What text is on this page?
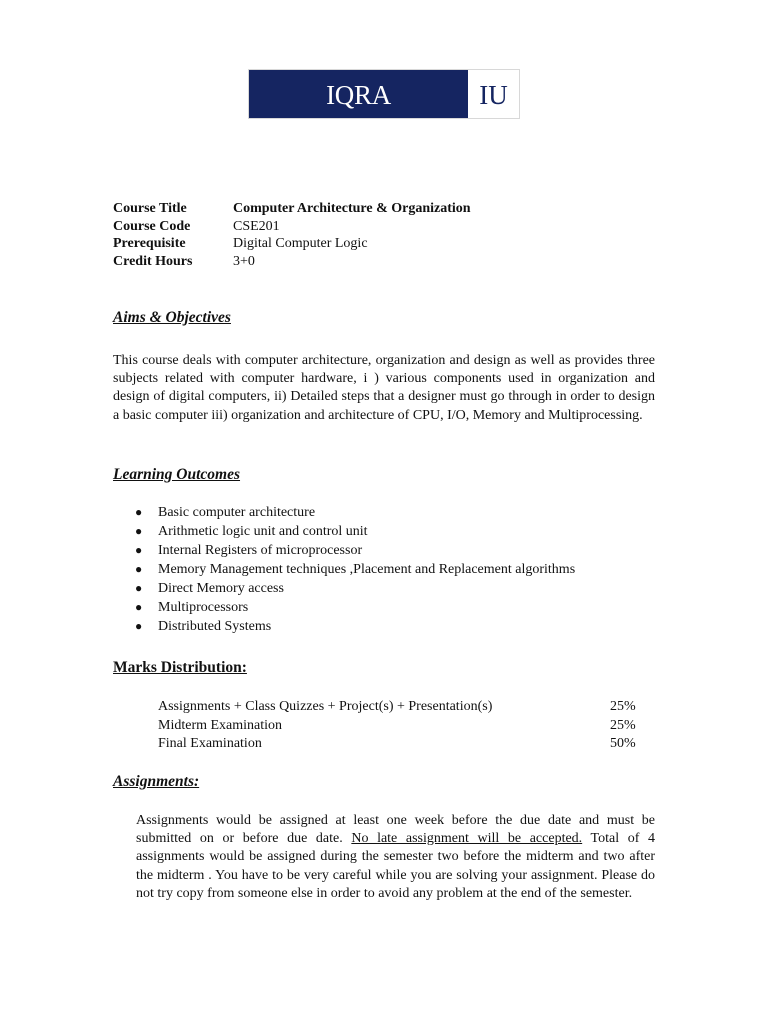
IQRA UNIVERSITY
IU
Course Title	Computer Architecture & Organization
Course Code	CSE201
Prerequisite	Digital Computer Logic
Credit Hours	3+0
Aims & Objectives
This course deals with computer architecture, organization and design as well as provides three subjects related with computer hardware, i ) various components used in organization and design of digital computers, ii) Detailed steps that a designer must go through in order to design a basic computer iii) organization and architecture of CPU, I/O, Memory and Multiprocessing.
Learning Outcomes
● Basic computer architecture
● Arithmetic logic unit and control unit
● Internal Registers of microprocessor
● Memory Management techniques ,Placement and Replacement algorithms
● Direct Memory access
● Multiprocessors
● Distributed Systems
Marks Distribution:
Assignments + Class Quizzes + Project(s) + Presentation(s)	25%
Midterm Examination	25%
Final Examination	50%
Assignments:
Assignments would be assigned at least one week before the due date and must be submitted on or before due date. No late assignment will be accepted. Total of 4 assignments would be assigned during the semester two before the midterm and two after the midterm . You have to be very careful while you are solving your assignment. Please do not try copy from someone else in order to avoid any problem at the end of the semester.
